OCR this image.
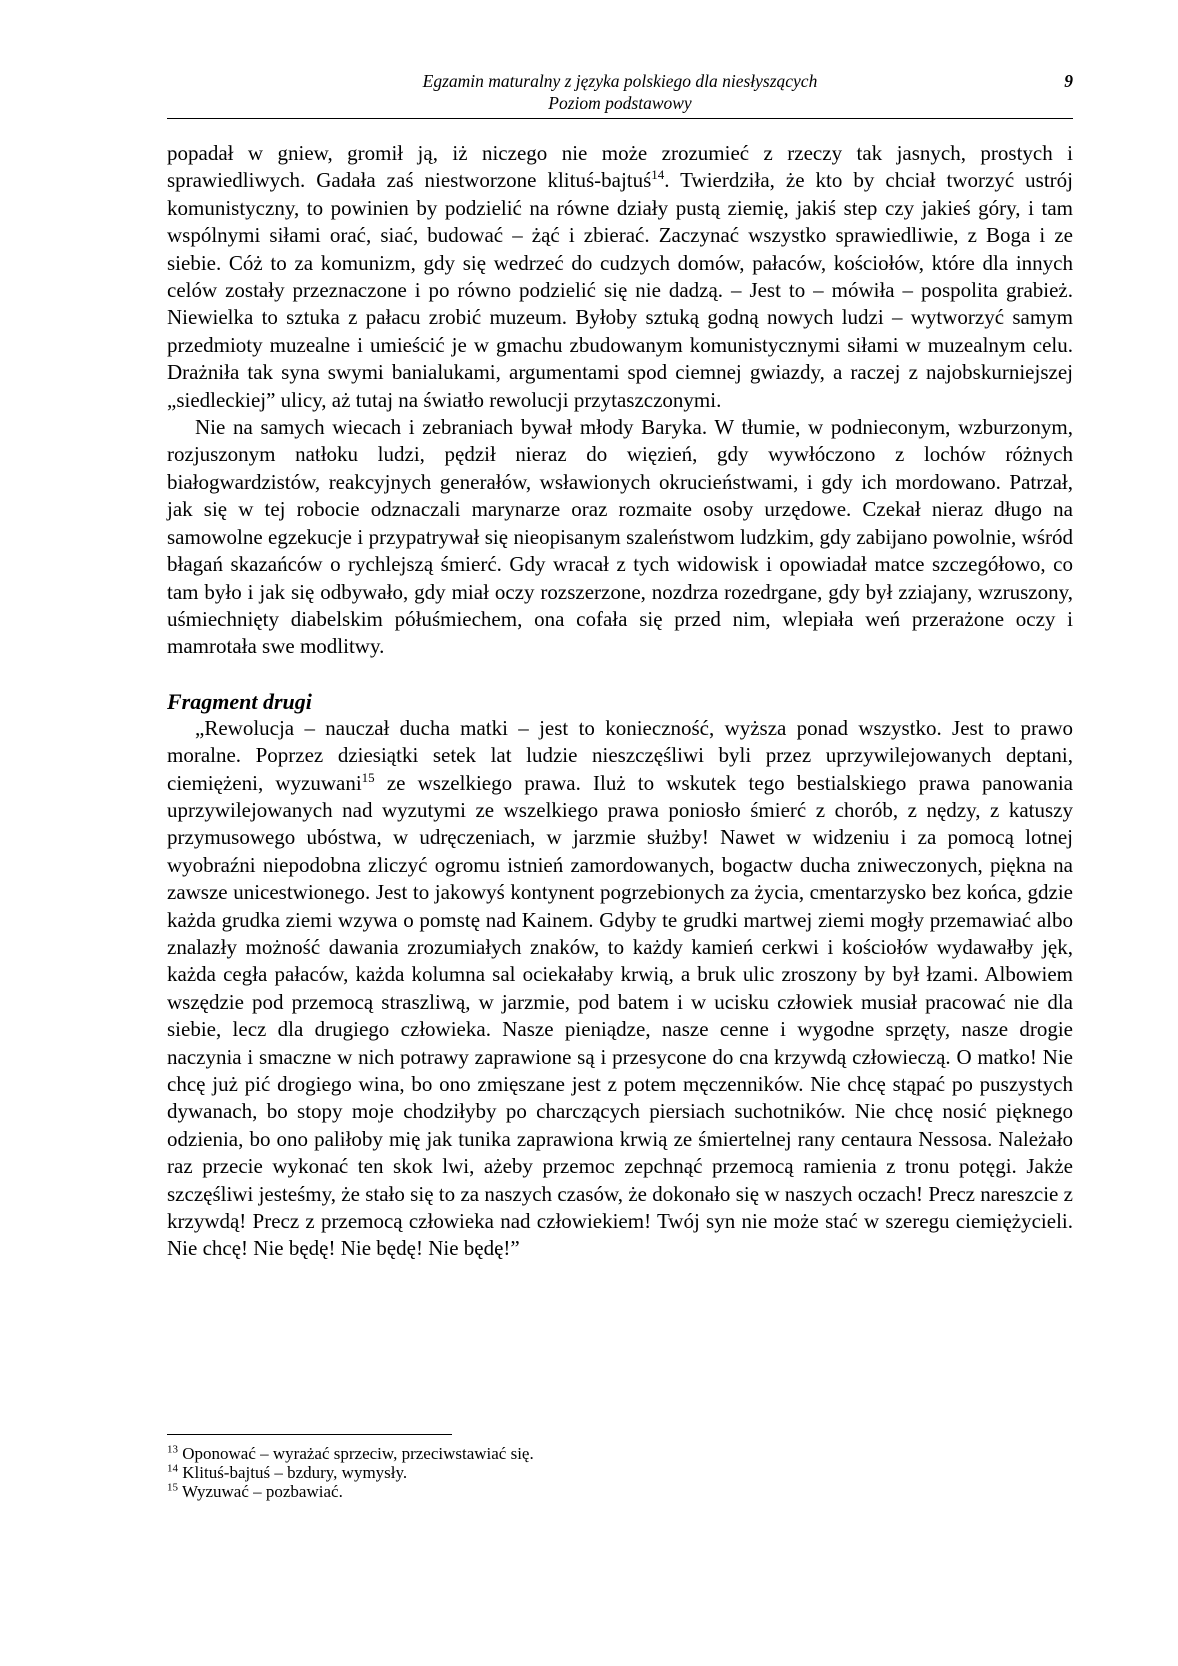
Egzamin maturalny z języka polskiego dla niesłyszących
Poziom podstawowy
9

popadał w gniew, gromił ją, iż niczego nie może zrozumieć z rzeczy tak jasnych, prostych i sprawiedliwych. Gadała zaś niestworzone klituś-bajtuś$^{14}$. Twierdziła, że kto by chciał tworzyć ustrój komunistyczny, to powinien by podzielić na równe działy pustą ziemię, jakiś step czy jakieś góry, i tam wspólnymi siłami orać, siać, budować – żąć i zbierać. Zaczynać wszystko sprawiedliwie, z Boga i ze siebie. Cóż to za komunizm, gdy się wedrzeć do cudzych domów, pałaców, kościołów, które dla innych celów zostały przeznaczone i po równo podzielić się nie dadzą. – Jest to – mówiła – pospolita grabież. Niewielka to sztuka z pałacu zrobić muzeum. Byłoby sztuką godną nowych ludzi – wytworzyć samym przedmioty muzealne i umieścić je w gmachu zbudowanym komunistycznymi siłami w muzealnym celu. Drażniła tak syna swymi banialukami, argumentami spod ciemnej gwiazdy, a raczej z najobskurniejszej „siedleckiej” ulicy, aż tutaj na światło rewolucji przytaszczonymi.

Nie na samych wiecach i zebraniach bywał młody Baryka. W tłumie, w podnieconym, wzburzonym, rozjuszonym natłoku ludzi, pędził nieraz do więzień, gdy wywłóczono z lochów różnych białogwardzistów, reakcyjnych generałów, wsławionych okrucieństwami, i gdy ich mordowano. Patrzał, jak się w tej robocie odznaczali marynarze oraz rozmaite osoby urzędowe. Czekał nieraz długo na samowolne egzekucje i przypatrywał się nieopisanym szaleństwom ludzkim, gdy zabijano powolnie, wśród błagań skazańców o rychlejszą śmierć. Gdy wracał z tych widowisk i opowiadał matce szczegółowo, co tam było i jak się odbywało, gdy miał oczy rozszerzone, nozdrza rozedrgane, gdy był zziajany, wzruszony, uśmiechnięty diabelskim półuśmiechem, ona cofała się przed nim, wlepiała weń przerażone oczy i mamrotała swe modlitwy.

Fragment drugi

„Rewolucja – nauczał ducha matki – jest to konieczność, wyższa ponad wszystko. Jest to prawo moralne. Poprzez dziesiątki setek lat ludzie nieszczęśliwi byli przez uprzywilejowanych deptani, ciemiężeni, wyzuwani$^{15}$ ze wszelkiego prawa. Iluż to wskutek tego bestialskiego prawa panowania uprzywilejowanych nad wyzutymi ze wszelkiego prawa poniosło śmierć z chorób, z nędzy, z katuszy przymusowego ubóstwa, w udręczeniach, w jarzmie służby! Nawet w widzeniu i za pomocą lotnej wyobraźni niepodobna zliczyć ogromu istnień zamordowanych, bogactw ducha zniweczonych, piękna na zawsze unicestwionego. Jest to jakowyś kontynent pogrzebionych za życia, cmentarzysko bez końca, gdzie każda grudka ziemi wzywa o pomstę nad Kainem. Gdyby te grudki martwej ziemi mogły przemawiać albo znalazły możność dawania zrozumiałych znaków, to każdy kamień cerkwi i kościołów wydawałby jęk, każda cegła pałaców, każda kolumna sal ociekałaby krwią, a bruk ulic zroszony by był łzami. Albowiem wszędzie pod przemocą straszliwą, w jarzmie, pod batem i w ucisku człowiek musiał pracować nie dla siebie, lecz dla drugiego człowieka. Nasze pieniądze, nasze cenne i wygodne sprzęty, nasze drogie naczynia i smaczne w nich potrawy zaprawione są i przesycone do cna krzywdą człowieczą. O matko! Nie chcę już pić drogiego wina, bo ono zmięszane jest z potem męczenników. Nie chcę stąpać po puszystych dywanach, bo stopy moje chodziłyby po charczących piersiach suchotników. Nie chcę nosić pięknego odzienia, bo ono paliłoby mię jak tunika zaprawiona krwią ze śmiertelnej rany centaura Nessosa. Należało raz przecie wykonać ten skok lwi, ażeby przemoc zepchnąć przemocą ramienia z tronu potęgi. Jakże szczęśliwi jesteśmy, że stało się to za naszych czasów, że dokonało się w naszych oczach! Precz nareszcie z krzywdą! Precz z przemocą człowieka nad człowiekiem! Twój syn nie może stać w szeregu ciemiężycieli. Nie chcę! Nie będę! Nie będę! Nie będę!”

$^{13}$ Oponować – wyrażać sprzeciw, przeciwstawiać się.
$^{14}$ Klituś-bajtuś – bzdury, wymysły.
$^{15}$ Wyzuwać – pozbawiać.
